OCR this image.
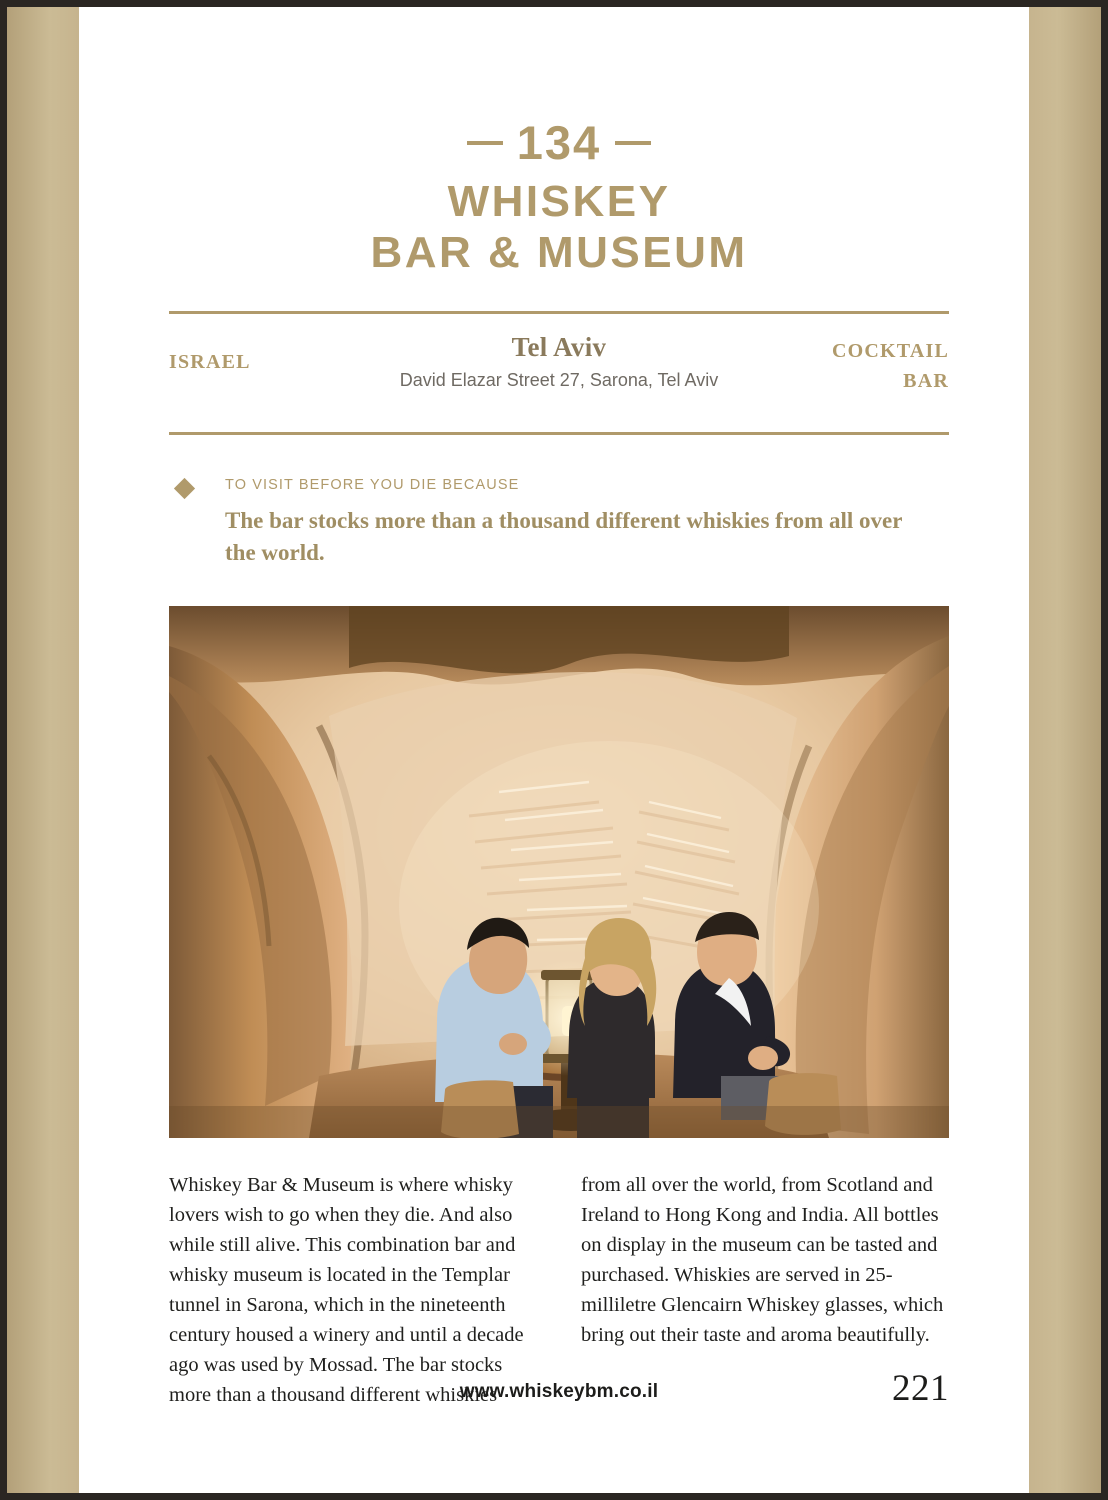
134
WHISKEY
BAR & MUSEUM
ISRAEL	Tel Aviv
David Elazar Street 27, Sarona, Tel Aviv
COCKTAIL
BAR
TO VISIT BEFORE YOU DIE BECAUSE
The bar stocks more than a thousand different whiskies from all over the world.
Whiskey Bar & Museum is where whisky lovers wish to go when they die. And also while still alive. This combination bar and whisky museum is located in the Templar tunnel in Sarona, which in the nineteenth century housed a winery and until a decade ago was used by Mossad. The bar stocks more than a thousand different whiskies
from all over the world, from Scotland and Ireland to Hong Kong and India. All bottles on display in the museum can be tasted and purchased. Whiskies are served in 25-milliletre Glencairn Whiskey glasses, which bring out their taste and aroma beautifully.
www.whiskeybm.co.il	221
